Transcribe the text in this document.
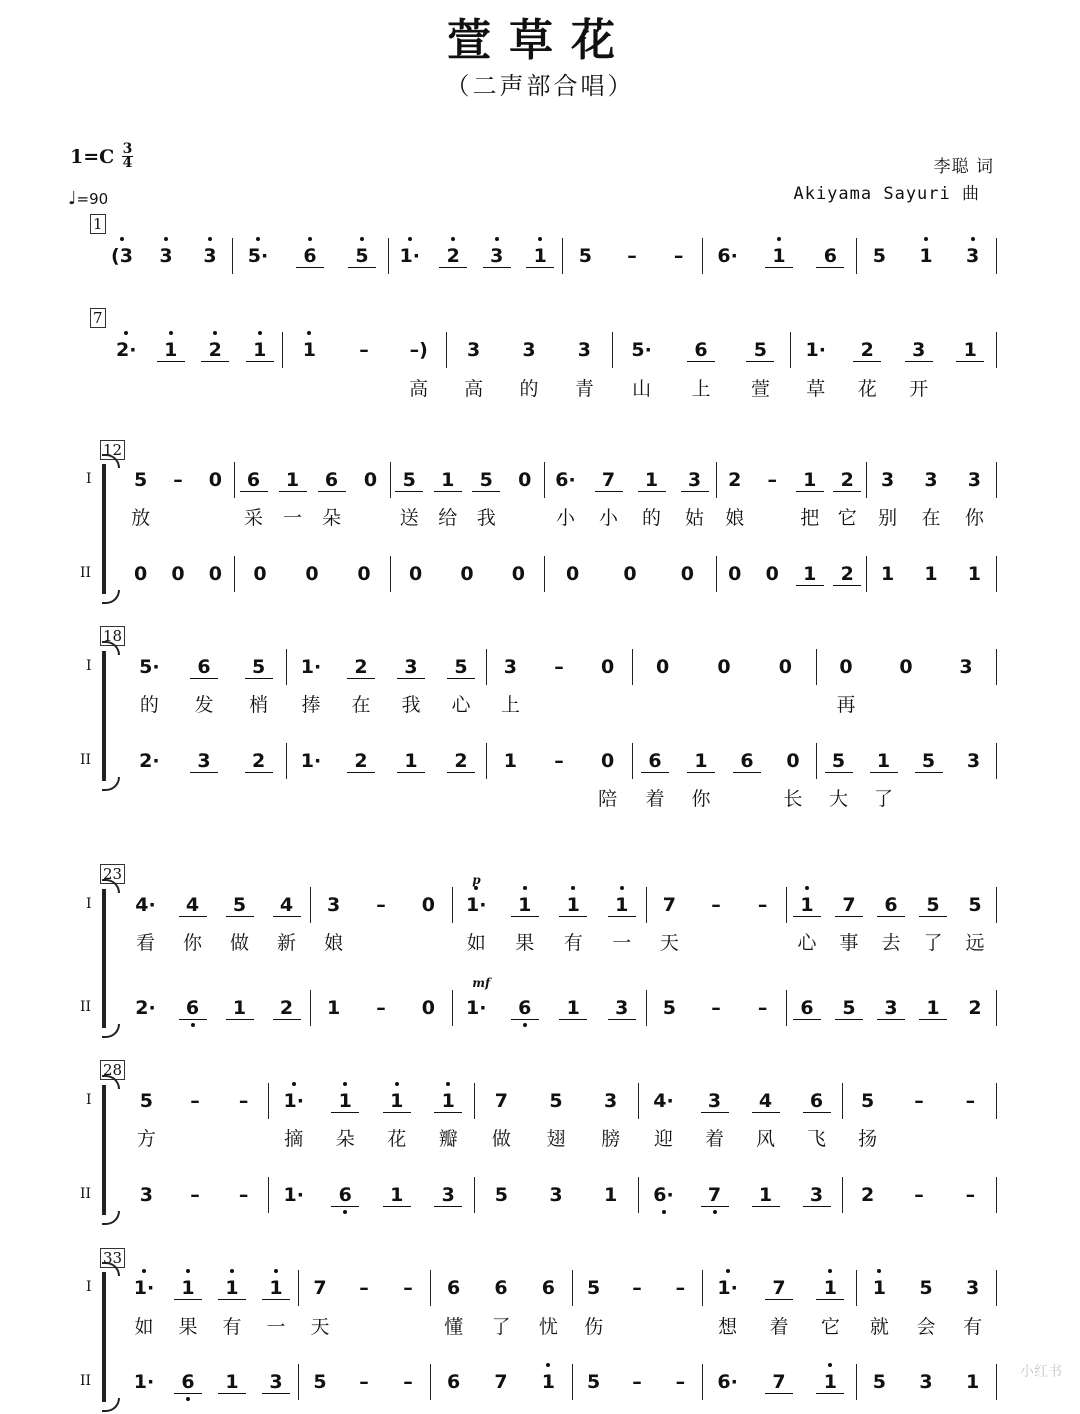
萱草花
（二声部合唱）
1=C 3
4
♩=90
李聪 词
Akiyama Sayuri 曲
1
(3 3 3 5· 6 5 1· 2 3 1 5	–	–	6· 1 6 5 1 3
7
2· 1 2 1 1	–	–) 3 3 3 5· 6 5 1· 2 3 1
高 高 的 青 山 上 萱 草 花 开
12
I 5	–	0 6 1 6 0 5 1 5 0 6· 7 1 3 2	–	1 2 3 3 3
放	采 一 朵	送 给 我	小 小 的 姑 娘	把 它 别 在 你
II 0 0 0 0 0 0 0 0 0 0 0 0 0 0 1 2 1 1 1
18
I	5· 6 5 1· 2 3 5 3	–	0 0	0	0 0 0 3
的 发 梢 捧 在 我 心 上	再
II	2· 3 2 1· 2 1 2 1	–	0 6 1 6 0 5 1 5 3
陪 着 你	长 大 了
23
I 4· 4 5 4 3	–	0 1·
p
1 1 1 7	–	–	1 7 6 5 5
看 你 做 新 娘	如 果 有 一 天	心 事 去 了 远
II 2· 6 1 2 1	–	0 1·
mf
6 1 3 5	–	–	6 5 3 1 2
28
I	5	–	–	1· 1 1 1 7 5 3 4· 3 4 6 5	–	–
方	摘 朵 花 瓣 做 翅 膀 迎 着 风 飞 扬
II	3	–	–	1· 6 1 3 5 3 1 6· 7 1 3 2	–	–
33
I 1· 1 1 1 7	–	–	6 6 6 5	–	–	1· 7 1 1 5 3
如 果 有 一 天	懂 了 忧 伤	想 着 它 就 会 有
II 1· 6 1 3 5	–	–	6 7 1 5	–	–	6· 7 1 5 3 1	小红书
